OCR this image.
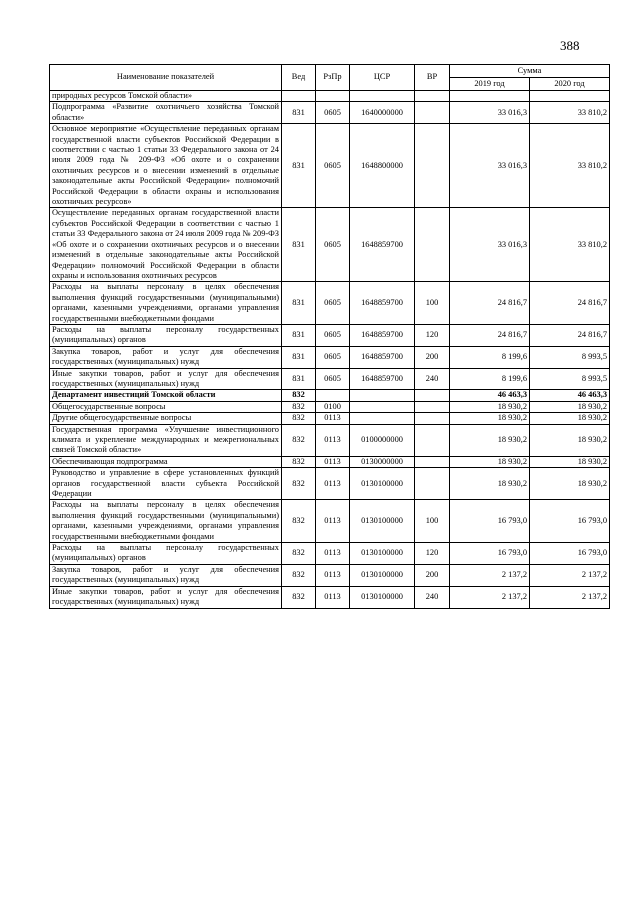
388
Наименование показателей	Вед	РзПр	ЦСР	ВР	Сумма	
					2019 год	2020 год
природных ресурсов Томской области»						
Подпрограмма «Развитие охотничьего хозяйства Томской области»	831	0605	1640000000		33 016,3	33 810,2
Основное мероприятие «Осуществление переданных органам государственной власти субъектов Российской Федерации в соответствии с частью 1 статьи 33 Федерального закона от 24 июля 2009 года № 209-ФЗ «Об охоте и о сохранении охотничьих ресурсов и о внесении изменений в отдельные законодательные акты Российской Федерации» полномочий Российской Федерации в области охраны и использования охотничьих ресурсов»	831	0605	1648800000		33 016,3	33 810,2
Осуществление переданных органам государственной власти субъектов Российской Федерации в соответствии с частью 1 статьи 33 Федерального закона от 24 июля 2009 года № 209-ФЗ «Об охоте и о сохранении охотничьих ресурсов и о внесении изменений в отдельные законодательные акты Российской Федерации» полномочий Российской Федерации в области охраны и использования охотничьих ресурсов	831	0605	1648859700		33 016,3	33 810,2
Расходы на выплаты персоналу в целях обеспечения выполнения функций государственными (муниципальными) органами, казенными учреждениями, органами управления государственными внебюджетными фондами	831	0605	1648859700	100	24 816,7	24 816,7
Расходы на выплаты персоналу государственных (муниципальных) органов	831	0605	1648859700	120	24 816,7	24 816,7
Закупка товаров, работ и услуг для обеспечения государственных (муниципальных) нужд	831	0605	1648859700	200	8 199,6	8 993,5
Иные закупки товаров, работ и услуг для обеспечения государственных (муниципальных) нужд	831	0605	1648859700	240	8 199,6	8 993,5
Департамент инвестиций Томской области	832				46 463,3	46 463,3
Общегосударственные вопросы	832	0100			18 930,2	18 930,2
Другие общегосударственные вопросы	832	0113			18 930,2	18 930,2
Государственная программа «Улучшение инвестиционного климата и укрепление международных и межрегиональных связей Томской области»	832	0113	0100000000		18 930,2	18 930,2
Обеспечивающая подпрограмма	832	0113	0130000000		18 930,2	18 930,2
Руководство и управление в сфере установленных функций органов государственной власти субъекта Российской Федерации	832	0113	0130100000		18 930,2	18 930,2
Расходы на выплаты персоналу в целях обеспечения выполнения функций государственными (муниципальными) органами, казенными учреждениями, органами управления государственными внебюджетными фондами	832	0113	0130100000	100	16 793,0	16 793,0
Расходы на выплаты персоналу государственных (муниципальных) органов	832	0113	0130100000	120	16 793,0	16 793,0
Закупка товаров, работ и услуг для обеспечения государственных (муниципальных) нужд	832	0113	0130100000	200	2 137,2	2 137,2
Иные закупки товаров, работ и услуг для обеспечения государственных (муниципальных) нужд	832	0113	0130100000	240	2 137,2	2 137,2
